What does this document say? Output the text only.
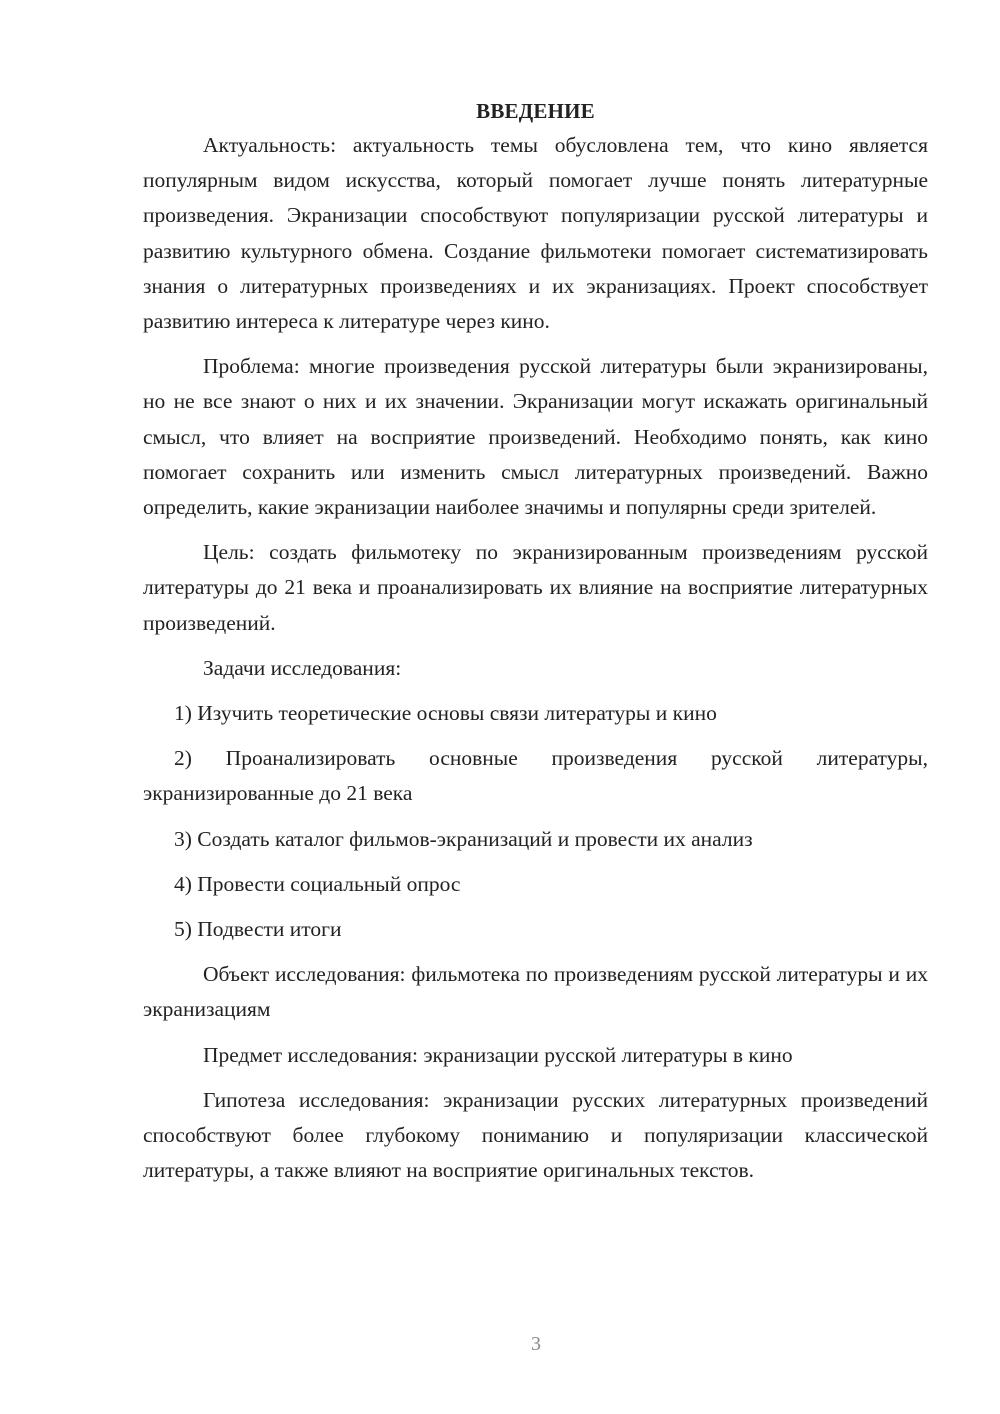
ВВЕДЕНИЕ

Актуальность: актуальность темы обусловлена тем, что кино является популярным видом искусства, который помогает лучше понять литературные произведения. Экранизации способствуют популяризации русской литературы и развитию культурного обмена. Создание фильмотеки помогает систематизировать знания о литературных произведениях и их экранизациях. Проект способствует развитию интереса к литературе через кино.

Проблема: многие произведения русской литературы были экранизированы, но не все знают о них и их значении. Экранизации могут искажать оригинальный смысл, что влияет на восприятие произведений. Необходимо понять, как кино помогает сохранить или изменить смысл литературных произведений. Важно определить, какие экранизации наиболее значимы и популярны среди зрителей.

Цель: создать фильмотеку по экранизированным произведениям русской литературы до 21 века и проанализировать их влияние на восприятие литературных произведений.

Задачи исследования:

1) Изучить теоретические основы связи литературы и кино

2) Проанализировать основные произведения русской литературы, экранизированные до 21 века

3) Создать каталог фильмов-экранизаций и провести их анализ

4) Провести социальный опрос

5) Подвести итоги

Объект исследования: фильмотека по произведениям русской литературы и их экранизациям

Предмет исследования: экранизации русской литературы в кино

Гипотеза исследования: экранизации русских литературных произведений способствуют более глубокому пониманию и популяризации классической литературы, а также влияют на восприятие оригинальных текстов.

3
